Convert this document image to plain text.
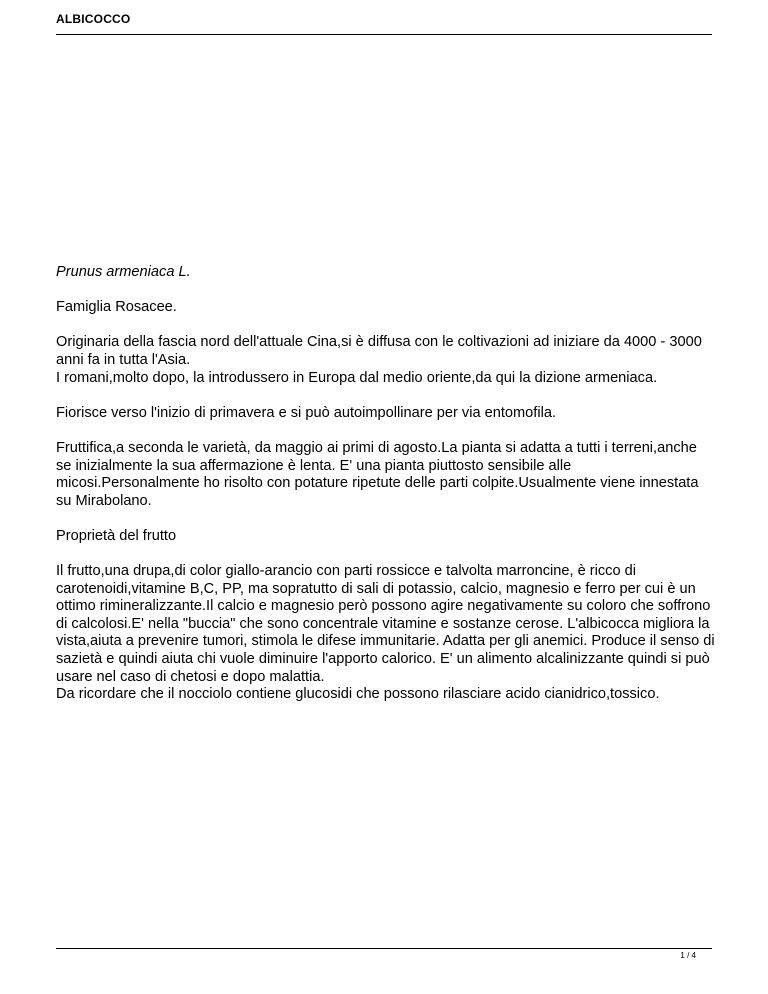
ALBICOCCO

Prunus armeniaca L.

Famiglia Rosacee.

Originaria della fascia nord dell'attuale Cina,si è diffusa con le coltivazioni ad iniziare da 4000 - 3000 anni fa in tutta l'Asia.
I romani,molto dopo, la introdussero in Europa dal medio oriente,da qui la dizione armeniaca.

Fiorisce verso l'inizio di primavera e si può autoimpollinare per via entomofila.

Fruttifica,a seconda le varietà, da maggio ai primi di agosto.La pianta si adatta a tutti i terreni,anche se inizialmente la sua affermazione è lenta. E' una pianta piuttosto sensibile alle micosi.Personalmente ho risolto con potature ripetute delle parti colpite.Usualmente viene innestata su Mirabolano.

Proprietà del frutto

Il frutto,una drupa,di color giallo-arancio con parti rossicce e talvolta marroncine, è ricco di carotenoidi,vitamine B,C, PP, ma sopratutto di sali di potassio, calcio, magnesio e ferro per cui è un ottimo rimineralizzante.Il calcio e magnesio però possono agire negativamente su coloro che soffrono di calcolosi.E' nella "buccia" che sono concentrale vitamine e sostanze cerose. L'albicocca migliora la vista,aiuta a prevenire tumori, stimola le difese immunitarie. Adatta per gli anemici. Produce il senso di sazietà e quindi aiuta chi vuole diminuire l'apporto calorico. E' un alimento alcalinizzante quindi si può usare nel caso di chetosi e dopo malattia.
Da ricordare che il nocciolo contiene glucosidi che possono rilasciare acido cianidrico,tossico.

1 / 4
